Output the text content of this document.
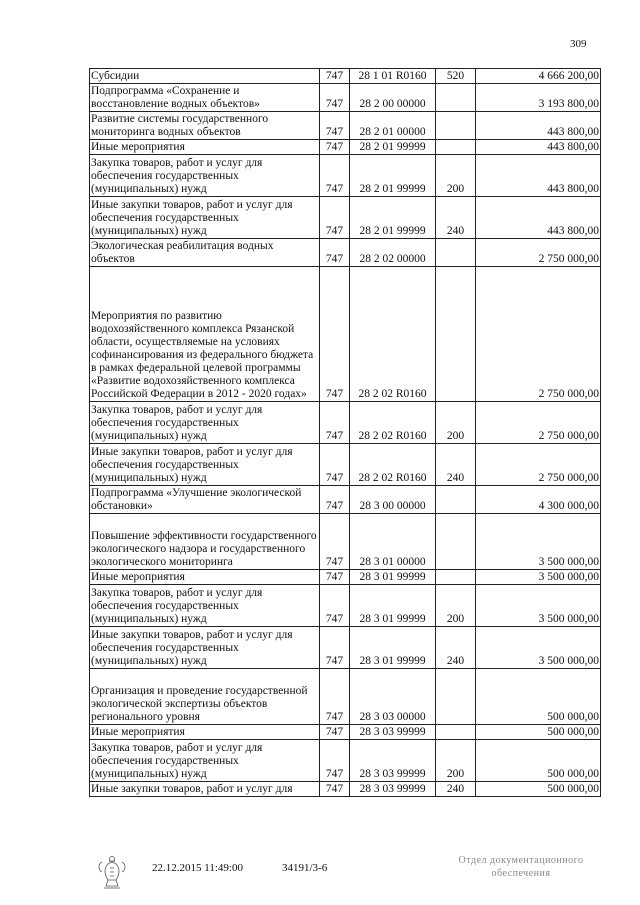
309
Субсидии	747	28 1 01 R0160	520	4 666 200,00
Подпрограмма «Сохранение и восстановление водных объектов»	747	28 2 00 00000		3 193 800,00
Развитие системы государственного мониторинга водных объектов	747	28 2 01 00000		443 800,00
Иные мероприятия	747	28 2 01 99999		443 800,00
Закупка товаров, работ и услуг для обеспечения государственных (муниципальных) нужд	747	28 2 01 99999	200	443 800,00
Иные закупки товаров, работ и услуг для обеспечения государственных (муниципальных) нужд	747	28 2 01 99999	240	443 800,00
Экологическая реабилитация водных объектов	747	28 2 02 00000		2 750 000,00
Мероприятия по развитию водохозяйственного комплекса Рязанской области, осуществляемые на условиях софинансирования из федерального бюджета в рамках федеральной целевой программы «Развитие водохозяйственного комплекса Российской Федерации в 2012 - 2020 годах»	747	28 2 02 R0160		2 750 000,00
Закупка товаров, работ и услуг для обеспечения государственных (муниципальных) нужд	747	28 2 02 R0160	200	2 750 000,00
Иные закупки товаров, работ и услуг для обеспечения государственных (муниципальных) нужд	747	28 2 02 R0160	240	2 750 000,00
Подпрограмма «Улучшение экологической обстановки»	747	28 3 00 00000		4 300 000,00
Повышение эффективности государственного экологического надзора и государственного экологического мониторинга	747	28 3 01 00000		3 500 000,00
Иные мероприятия	747	28 3 01 99999		3 500 000,00
Закупка товаров, работ и услуг для обеспечения государственных (муниципальных) нужд	747	28 3 01 99999	200	3 500 000,00
Иные закупки товаров, работ и услуг для обеспечения государственных (муниципальных) нужд	747	28 3 01 99999	240	3 500 000,00
Организация и проведение государственной экологической экспертизы объектов регионального уровня	747	28 3 03 00000		500 000,00
Иные мероприятия	747	28 3 03 99999		500 000,00
Закупка товаров, работ и услуг для обеспечения государственных (муниципальных) нужд	747	28 3 03 99999	200	500 000,00
Иные закупки товаров, работ и услуг для	747	28 3 03 99999	240	500 000,00
22.12.2015 11:49:00	34191/3-6
Отдел документационного обеспечения
